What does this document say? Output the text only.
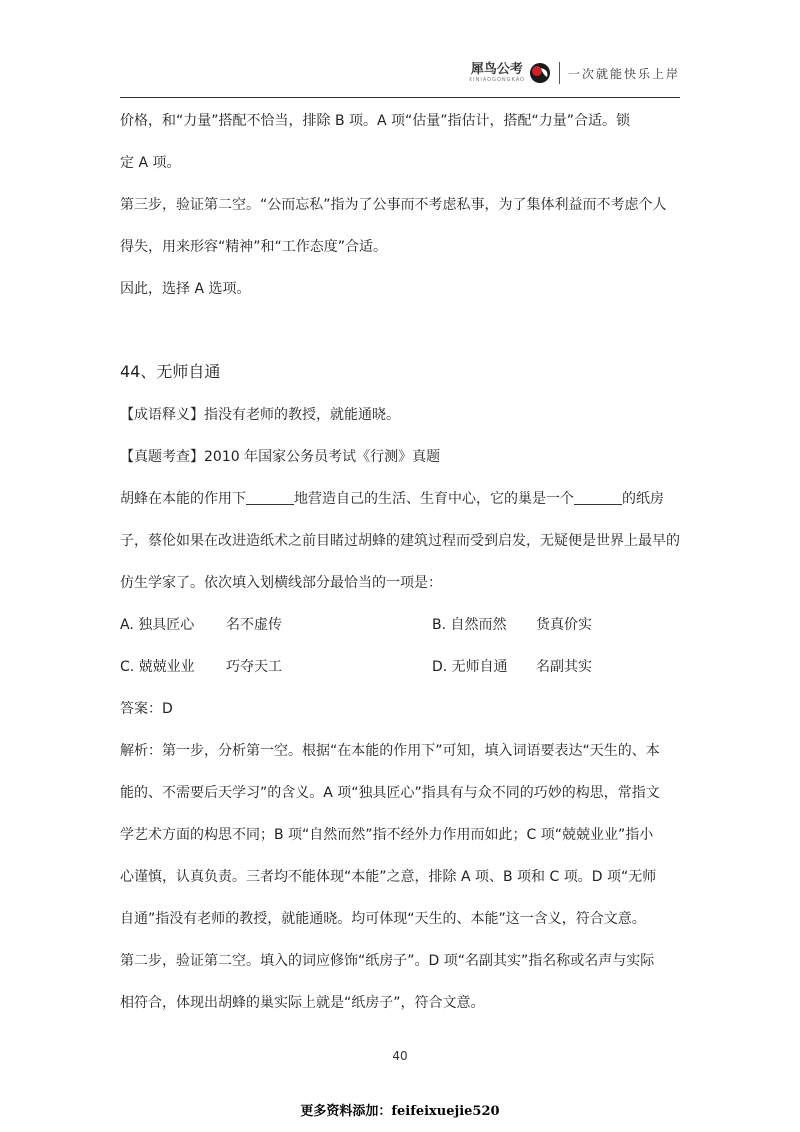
犀鸟公考
XINIAOGONGKAO	一次就能快乐上岸
价格，和“力量”搭配不恰当，排除 B 项。A 项“估量”指估计，搭配“力量”合适。锁
定 A 项。
第三步，验证第二空。“公而忘私”指为了公事而不考虑私事，为了集体利益而不考虑个人
得失，用来形容“精神”和“工作态度”合适。
因此，选择 A 选项。
44、无师自通
【成语释义】指没有老师的教授，就能通晓。
【真题考查】2010 年国家公务员考试《行测》真题
胡蜂在本能的作用下	地营造自己的生活、生育中心，它的巢是一个	的纸房
子，蔡伦如果在改进造纸术之前目睹过胡蜂的建筑过程而受到启发，无疑便是世界上最早的
仿生学家了。依次填入划横线部分最恰当的一项是：
A. 独具匠心 名不虚传	B. 自然而然 货真价实
C. 兢兢业业 巧夺天工	D. 无师自通 名副其实
答案：D
解析：第一步，分析第一空。根据“在本能的作用下”可知，填入词语要表达“天生的、本
能的、不需要后天学习”的含义。A 项“独具匠心”指具有与众不同的巧妙的构思，常指文
学艺术方面的构思不同；B 项“自然而然”指不经外力作用而如此；C 项“兢兢业业”指小
心谨慎，认真负责。三者均不能体现“本能”之意，排除 A 项、B 项和 C 项。D 项“无师
自通”指没有老师的教授，就能通晓。均可体现“天生的、本能”这一含义，符合文意。
第二步，验证第二空。填入的词应修饰“纸房子”。D 项“名副其实”指名称或名声与实际
相符合，体现出胡蜂的巢实际上就是“纸房子”，符合文意。
40
更多资料添加：feifeixuejie520
